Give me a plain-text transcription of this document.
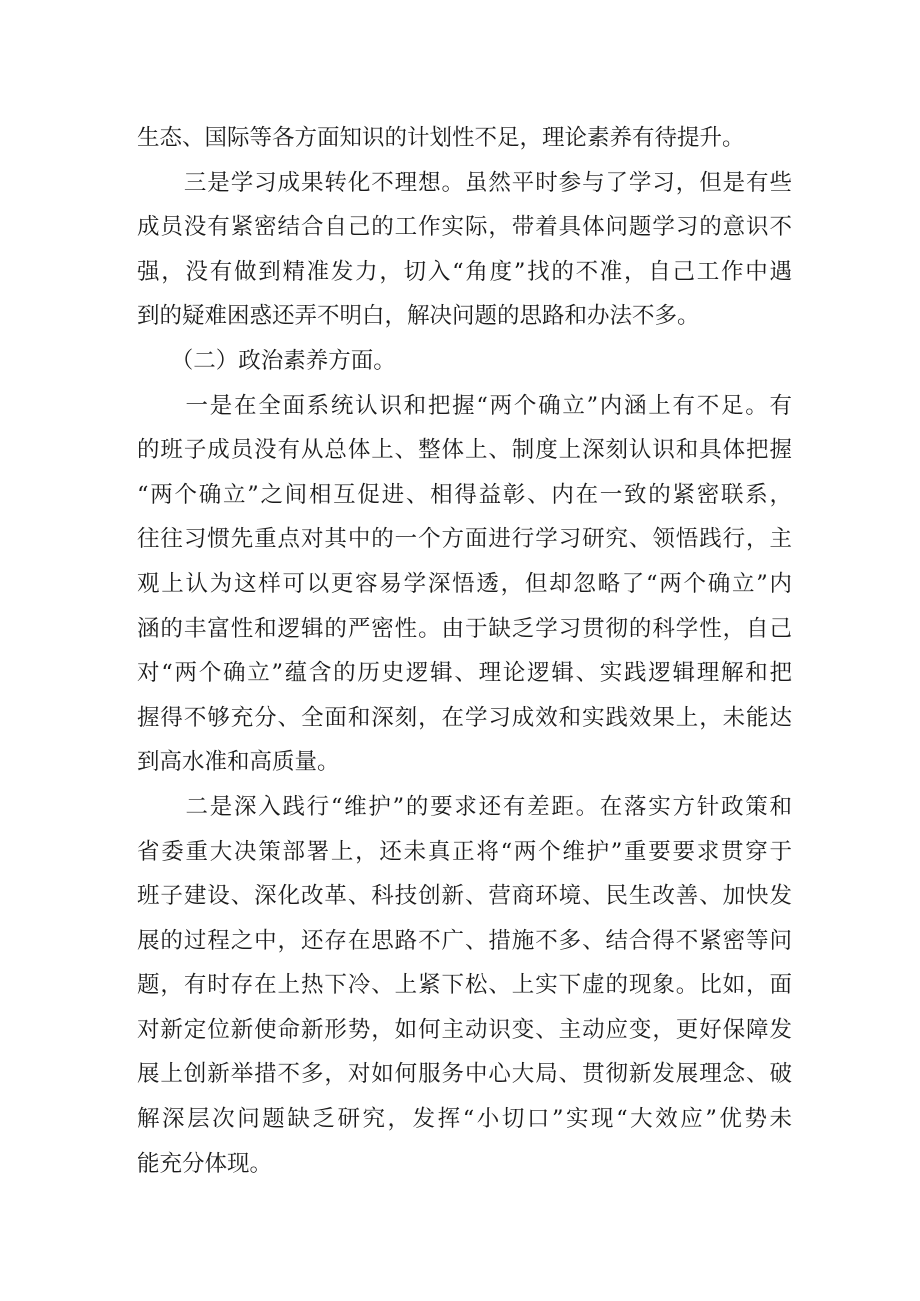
生态、国际等各方面知识的计划性不足，理论素养有待提升。
　　三是学习成果转化不理想。虽然平时参与了学习，但是有些
成员没有紧密结合自己的工作实际，带着具体问题学习的意识不
强，没有做到精准发力，切入“角度”找的不准，自己工作中遇
到的疑难困惑还弄不明白，解决问题的思路和办法不多。
　　（二）政治素养方面。
　　一是在全面系统认识和把握“两个确立”内涵上有不足。有
的班子成员没有从总体上、整体上、制度上深刻认识和具体把握
“两个确立”之间相互促进、相得益彰、内在一致的紧密联系，
往往习惯先重点对其中的一个方面进行学习研究、领悟践行，主
观上认为这样可以更容易学深悟透，但却忽略了“两个确立”内
涵的丰富性和逻辑的严密性。由于缺乏学习贯彻的科学性，自己
对“两个确立”蕴含的历史逻辑、理论逻辑、实践逻辑理解和把
握得不够充分、全面和深刻，在学习成效和实践效果上，未能达
到高水准和高质量。
　　二是深入践行“维护”的要求还有差距。在落实方针政策和
省委重大决策部署上，还未真正将“两个维护”重要要求贯穿于
班子建设、深化改革、科技创新、营商环境、民生改善、加快发
展的过程之中，还存在思路不广、措施不多、结合得不紧密等问
题，有时存在上热下冷、上紧下松、上实下虚的现象。比如，面
对新定位新使命新形势，如何主动识变、主动应变，更好保障发
展上创新举措不多，对如何服务中心大局、贯彻新发展理念、破
解深层次问题缺乏研究，发挥“小切口”实现“大效应”优势未
能充分体现。
